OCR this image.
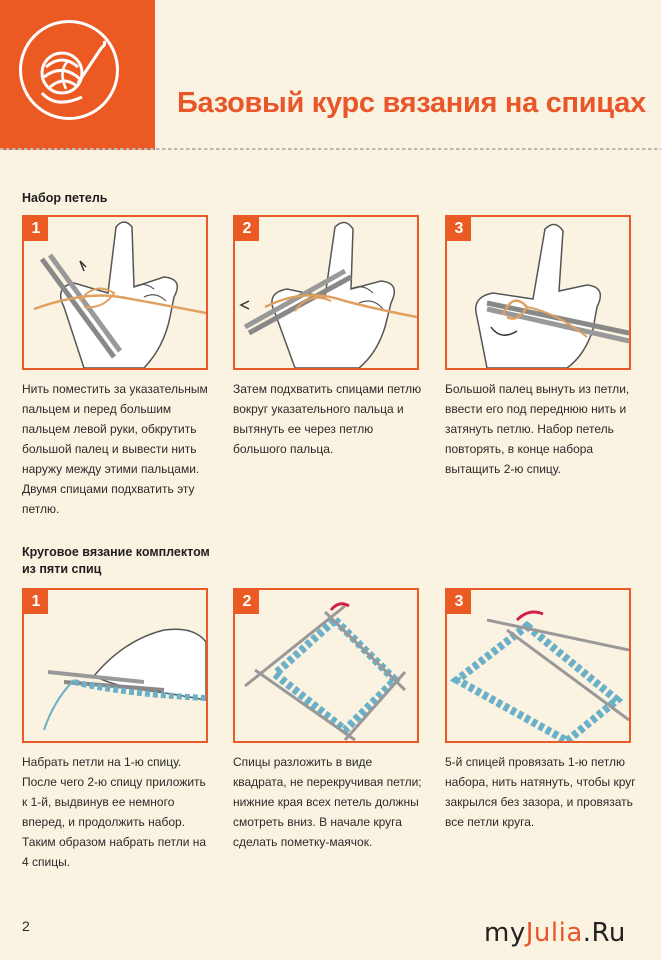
Базовый курс вязания на спицах
Набор петель
1
Нить поместить за указательным пальцем и перед большим пальцем левой руки, обкрутить большой палец и вывести нить наружу между этими пальцами. Двумя спицами подхватить эту петлю.
2
Затем подхватить спицами петлю вокруг указательного пальца и вытянуть ее через петлю большого пальца.
3
Большой палец вынуть из петли, ввести его под переднюю нить и затянуть петлю. Набор петель повторять, в конце набора вытащить 2-ю спицу.
Круговое вязание комплектом из пяти спиц
1
Набрать петли на 1-ю спицу. После чего 2-ю спицу приложить к 1-й, выдвинув ее немного вперед, и продолжить набор. Таким образом набрать петли на 4 спицы.
2
Спицы разложить в виде квадрата, не перекручивая петли; нижние края всех петель должны смотреть вниз. В начале круга сделать пометку-маячок.
3
5-й спицей провязать 1-ю петлю набора, нить натянуть, чтобы круг закрылся без зазора, и провязать все петли круга.
2	myJulia.Ru
